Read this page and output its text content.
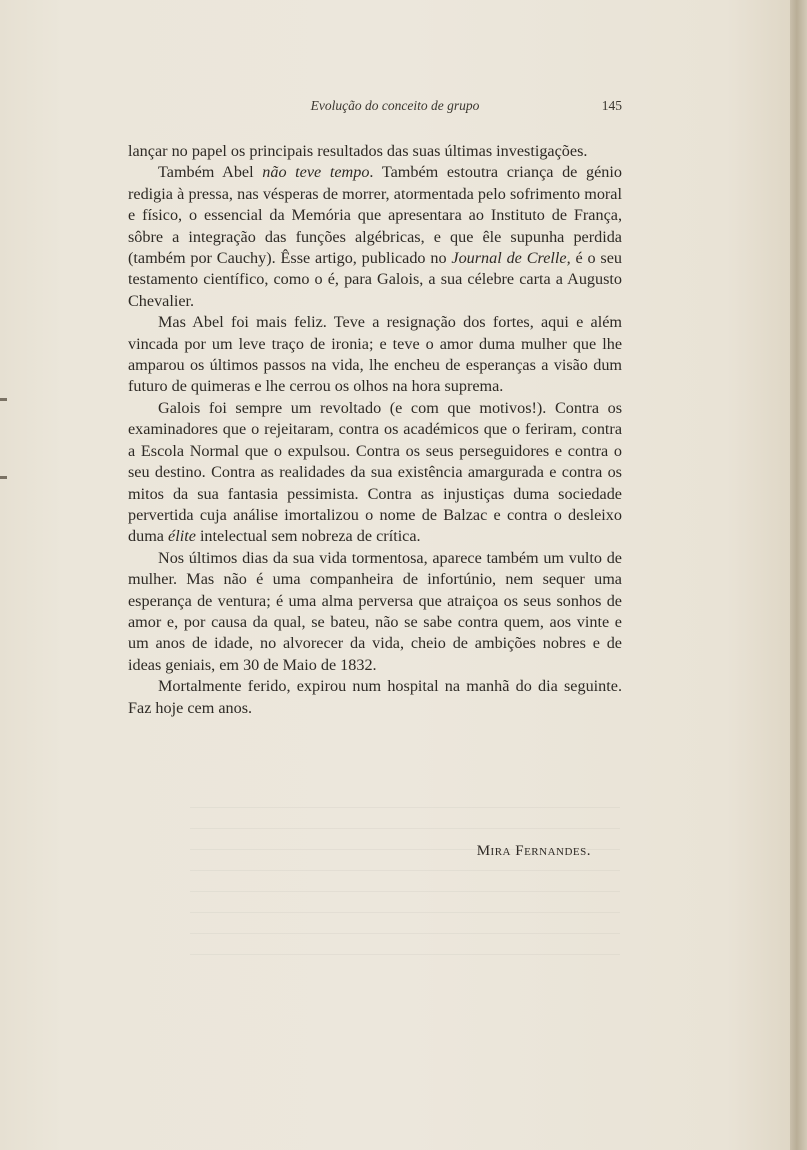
Evolução do conceito de grupo	145

lançar no papel os principais resultados das suas últimas investigações.

Também Abel não teve tempo. Também estoutra criança de génio redigia à pressa, nas vésperas de morrer, atormentada pelo sofrimento moral e físico, o essencial da Memória que apresentara ao Instituto de França, sôbre a integração das funções algébricas, e que êle supunha perdida (também por Cauchy). Êsse artigo, publicado no Journal de Crelle, é o seu testamento científico, como o é, para Galois, a sua célebre carta a Augusto Chevalier.

Mas Abel foi mais feliz. Teve a resignação dos fortes, aqui e além vincada por um leve traço de ironia; e teve o amor duma mulher que lhe amparou os últimos passos na vida, lhe encheu de esperanças a visão dum futuro de quimeras e lhe cerrou os olhos na hora suprema.

Galois foi sempre um revoltado (e com que motivos!). Contra os examinadores que o rejeitaram, contra os académicos que o feriram, contra a Escola Normal que o expulsou. Contra os seus perseguidores e contra o seu destino. Contra as realidades da sua existência amargurada e contra os mitos da sua fantasia pessimista. Contra as injustiças duma sociedade pervertida cuja análise imortalizou o nome de Balzac e contra o desleixo duma élite intelectual sem nobreza de crítica.

Nos últimos dias da sua vida tormentosa, aparece também um vulto de mulher. Mas não é uma companheira de infortúnio, nem sequer uma esperança de ventura; é uma alma perversa que atraiçoa os seus sonhos de amor e, por causa da qual, se bateu, não se sabe contra quem, aos vinte e um anos de idade, no alvorecer da vida, cheio de ambições nobres e de ideas geniais, em 30 de Maio de 1832.

Mortalmente ferido, expirou num hospital na manhã do dia seguinte. Faz hoje cem anos.

Mira Fernandes.
